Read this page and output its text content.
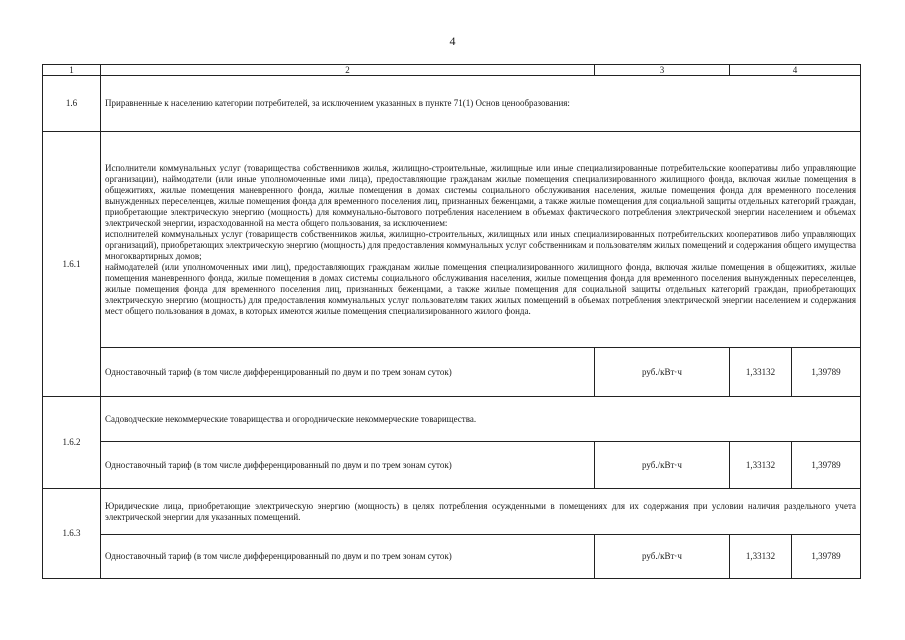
4
1	2	3	4	
1.6	Приравненные к населению категории потребителей, за исключением указанных в пункте 71(1) Основ ценообразования:			
1.6.1	Исполнители коммунальных услуг (товарищества собственников жилья, жилищно-строительные, жилищные или иные специализированные потребительские кооперативы либо управляющие организации), наймодатели (или иные уполномоченные ими лица), предоставляющие гражданам жилые помещения специализированного жилищного фонда, включая жилые помещения в общежитиях, жилые помещения маневренного фонда, жилые помещения в домах системы социального обслуживания населения, жилые помещения фонда для временного поселения вынужденных переселенцев, жилые помещения фонда для временного поселения лиц, признанных беженцами, а также жилые помещения для социальной защиты отдельных категорий граждан, приобретающие электрическую энергию (мощность) для коммунально-бытового потребления населением в объемах фактического потребления электрической энергии населением и объемах электрической энергии, израсходованной на места общего пользования, за исключением:
исполнителей коммунальных услуг (товариществ собственников жилья, жилищно-строительных, жилищных или иных специализированных потребительских кооперативов либо управляющих организаций), приобретающих электрическую энергию (мощность) для предоставления коммунальных услуг собственникам и пользователям жилых помещений и содержания общего имущества многоквартирных домов;
наймодателей (или уполномоченных ими лиц), предоставляющих гражданам жилые помещения специализированного жилищного фонда, включая жилые помещения в общежитиях, жилые помещения маневренного фонда, жилые помещения в домах системы социального обслуживания населения, жилые помещения фонда для временного поселения вынужденных переселенцев, жилые помещения фонда для временного поселения лиц, признанных беженцами, а также жилые помещения для социальной защиты отдельных категорий граждан, приобретающих электрическую энергию (мощность) для предоставления коммунальных услуг пользователям таких жилых помещений в объемах потребления электрической энергии населением и содержания мест общего пользования в домах, в которых имеются жилые помещения специализированного жилого фонда.			
	Одноставочный тариф (в том числе дифференцированный по двум и по трем зонам суток)	руб./кВт·ч	1,33132	1,39789
1.6.2	Садоводческие некоммерческие товарищества и огороднические некоммерческие товарищества.			
	Одноставочный тариф (в том числе дифференцированный по двум и по трем зонам суток)	руб./кВт·ч	1,33132	1,39789
1.6.3	Юридические лица, приобретающие электрическую энергию (мощность) в целях потребления осужденными в помещениях для их содержания при условии наличия раздельного учета электрической энергии для указанных помещений.			
	Одноставочный тариф (в том числе дифференцированный по двум и по трем зонам суток)	руб./кВт·ч	1,33132	1,39789
